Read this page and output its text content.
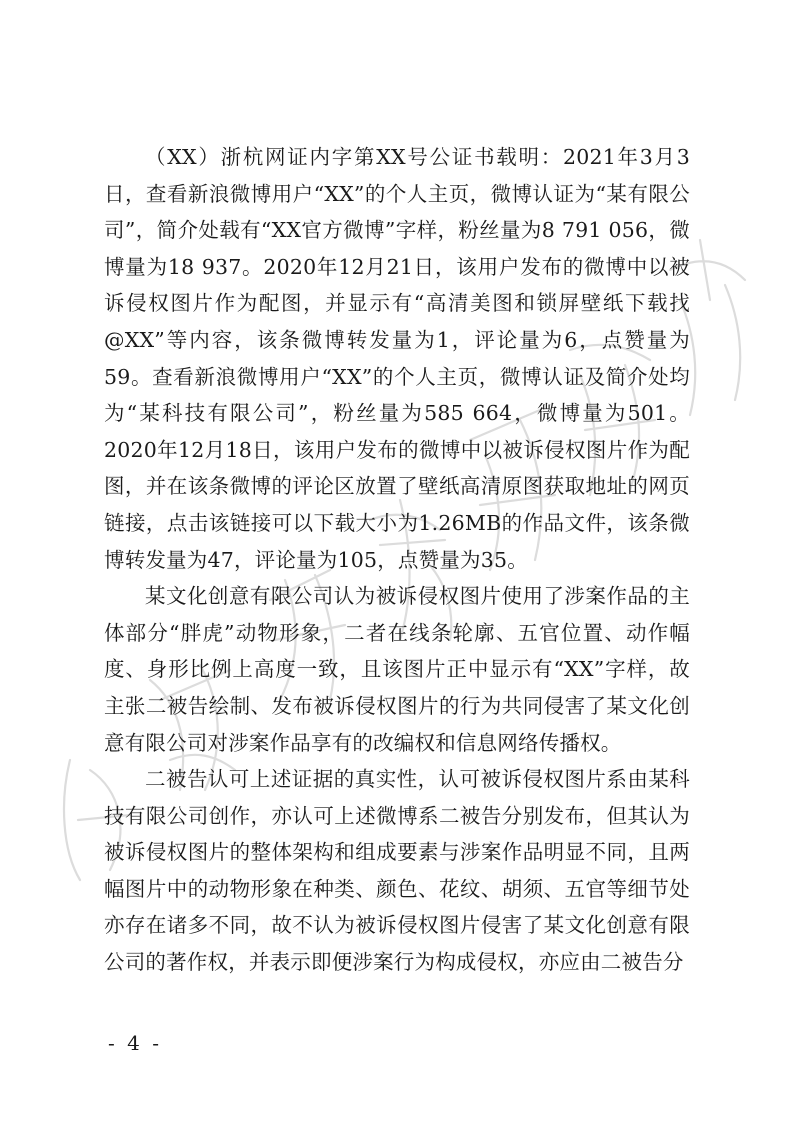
（XX）浙杭网证内字第XX号公证书载明：2021年3月3日，查看新浪微博用户“XX”的个人主页，微博认证为“某有限公司”，简介处载有“XX官方微博”字样，粉丝量为8 791 056，微博量为18 937。2020年12月21日，该用户发布的微博中以被诉侵权图片作为配图，并显示有“高清美图和锁屏壁纸下载找@XX”等内容，该条微博转发量为1，评论量为6，点赞量为59。查看新浪微博用户“XX”的个人主页，微博认证及简介处均为“某科技有限公司”，粉丝量为585 664，微博量为501。2020年12月18日，该用户发布的微博中以被诉侵权图片作为配图，并在该条微博的评论区放置了壁纸高清原图获取地址的网页链接，点击该链接可以下载大小为1.26MB的作品文件，该条微博转发量为47，评论量为105，点赞量为35。

某文化创意有限公司认为被诉侵权图片使用了涉案作品的主体部分“胖虎”动物形象，二者在线条轮廓、五官位置、动作幅度、身形比例上高度一致，且该图片正中显示有“XX”字样，故主张二被告绘制、发布被诉侵权图片的行为共同侵害了某文化创意有限公司对涉案作品享有的改编权和信息网络传播权。

二被告认可上述证据的真实性，认可被诉侵权图片系由某科技有限公司创作，亦认可上述微博系二被告分别发布，但其认为被诉侵权图片的整体架构和组成要素与涉案作品明显不同，且两幅图片中的动物形象在种类、颜色、花纹、胡须、五官等细节处亦存在诸多不同，故不认为被诉侵权图片侵害了某文化创意有限公司的著作权，并表示即便涉案行为构成侵权，亦应由二被告分

- 4 -
